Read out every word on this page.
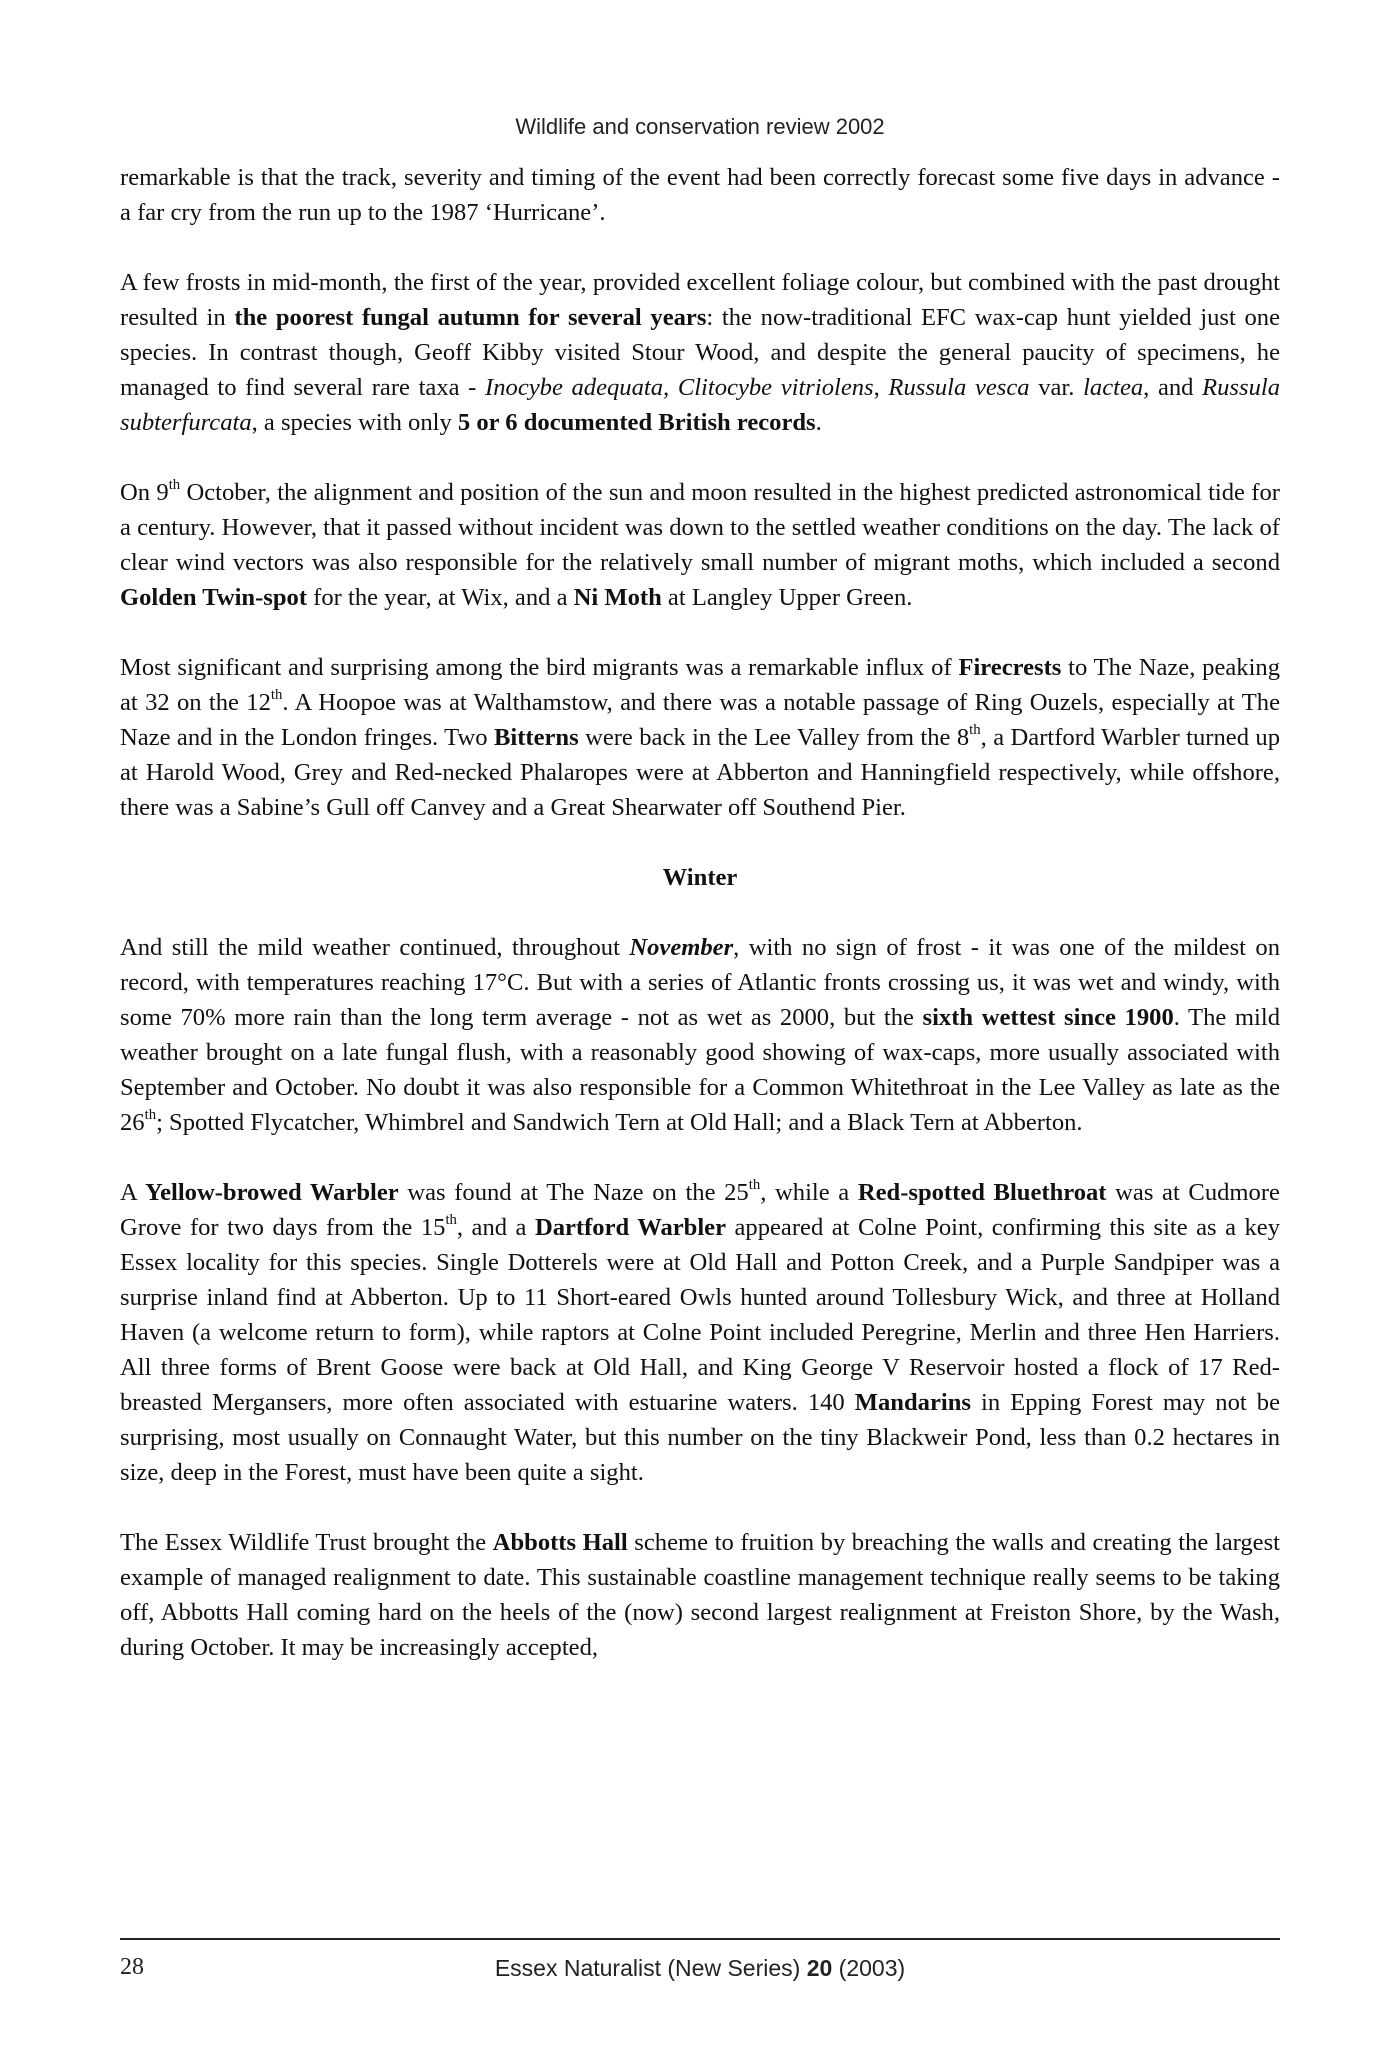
Wildlife and conservation review 2002

remarkable is that the track, severity and timing of the event had been correctly forecast some five days in advance - a far cry from the run up to the 1987 ‘Hurricane’.

A few frosts in mid-month, the first of the year, provided excellent foliage colour, but combined with the past drought resulted in the poorest fungal autumn for several years: the now-traditional EFC wax-cap hunt yielded just one species. In contrast though, Geoff Kibby visited Stour Wood, and despite the general paucity of specimens, he managed to find several rare taxa - Inocybe adequata, Clitocybe vitriolens, Russula vesca var. lactea, and Russula subterfurcata, a species with only 5 or 6 documented British records.

On 9th October, the alignment and position of the sun and moon resulted in the highest predicted astronomical tide for a century. However, that it passed without incident was down to the settled weather conditions on the day. The lack of clear wind vectors was also responsible for the relatively small number of migrant moths, which included a second Golden Twin-spot for the year, at Wix, and a Ni Moth at Langley Upper Green.

Most significant and surprising among the bird migrants was a remarkable influx of Firecrests to The Naze, peaking at 32 on the 12th. A Hoopoe was at Walthamstow, and there was a notable passage of Ring Ouzels, especially at The Naze and in the London fringes. Two Bitterns were back in the Lee Valley from the 8th, a Dartford Warbler turned up at Harold Wood, Grey and Red-necked Phalaropes were at Abberton and Hanningfield respectively, while offshore, there was a Sabine’s Gull off Canvey and a Great Shearwater off Southend Pier.

Winter

And still the mild weather continued, throughout November, with no sign of frost - it was one of the mildest on record, with temperatures reaching 17°C. But with a series of Atlantic fronts crossing us, it was wet and windy, with some 70% more rain than the long term average - not as wet as 2000, but the sixth wettest since 1900. The mild weather brought on a late fungal flush, with a reasonably good showing of wax-caps, more usually associated with September and October. No doubt it was also responsible for a Common Whitethroat in the Lee Valley as late as the 26th; Spotted Flycatcher, Whimbrel and Sandwich Tern at Old Hall; and a Black Tern at Abberton.

A Yellow-browed Warbler was found at The Naze on the 25th, while a Red-spotted Bluethroat was at Cudmore Grove for two days from the 15th, and a Dartford Warbler appeared at Colne Point, confirming this site as a key Essex locality for this species. Single Dotterels were at Old Hall and Potton Creek, and a Purple Sandpiper was a surprise inland find at Abberton. Up to 11 Short-eared Owls hunted around Tollesbury Wick, and three at Holland Haven (a welcome return to form), while raptors at Colne Point included Peregrine, Merlin and three Hen Harriers. All three forms of Brent Goose were back at Old Hall, and King George V Reservoir hosted a flock of 17 Red-breasted Mergansers, more often associated with estuarine waters. 140 Mandarins in Epping Forest may not be surprising, most usually on Connaught Water, but this number on the tiny Blackweir Pond, less than 0.2 hectares in size, deep in the Forest, must have been quite a sight.

The Essex Wildlife Trust brought the Abbotts Hall scheme to fruition by breaching the walls and creating the largest example of managed realignment to date. This sustainable coastline management technique really seems to be taking off, Abbotts Hall coming hard on the heels of the (now) second largest realignment at Freiston Shore, by the Wash, during October. It may be increasingly accepted,

28	Essex Naturalist (New Series) 20 (2003)
